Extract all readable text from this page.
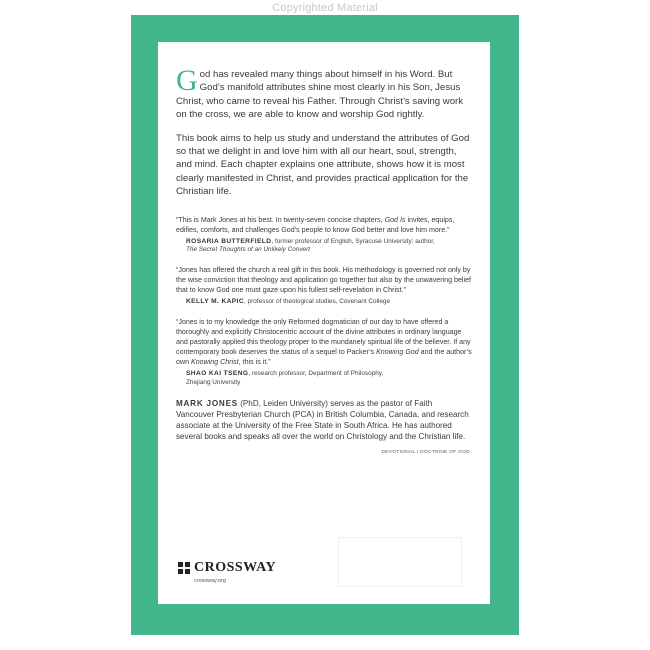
Copyrighted Material

God has revealed many things about himself in his Word. But God’s manifold attributes shine most clearly in his Son, Jesus Christ, who came to reveal his Father. Through Christ’s saving work on the cross, we are able to know and worship God rightly.

This book aims to help us study and understand the attributes of God so that we delight in and love him with all our heart, soul, strength, and mind. Each chapter explains one attribute, shows how it is most clearly manifested in Christ, and provides practical application for the Christian life.

“This is Mark Jones at his best. In twenty-seven concise chapters, God Is invites, equips, edifies, comforts, and challenges God’s people to know God better and love him more.”

ROSARIA BUTTERFIELD, former professor of English, Syracuse University; author,
The Secret Thoughts of an Unlikely Convert

“Jones has offered the church a real gift in this book. His methodology is governed not only by the wise conviction that theology and application go together but also by the unwavering belief that to know God one must gaze upon his fullest self-revelation in Christ.”

KELLY M. KAPIC, professor of theological studies, Covenant College

“Jones is to my knowledge the only Reformed dogmatician of our day to have offered a thoroughly and explicitly Christocentric account of the divine attributes in ordinary language and pastorally applied this theology proper to the mundanely spiritual life of the believer. If any contemporary book deserves the status of a sequel to Packer’s Knowing God and the author’s own Knowing Christ, this is it.”

SHAO KAI TSENG, research professor, Department of Philosophy, Zhejiang University

MARK JONES (PhD, Leiden University) serves as the pastor of Faith Vancouver Presbyterian Church (PCA) in British Columbia, Canada, and research associate at the University of the Free State in South Africa. He has authored several books and speaks all over the world on Christology and the Christian life.

DEVOTIONAL / DOCTRINE OF GOD
CROSSWAY
crossway.org
